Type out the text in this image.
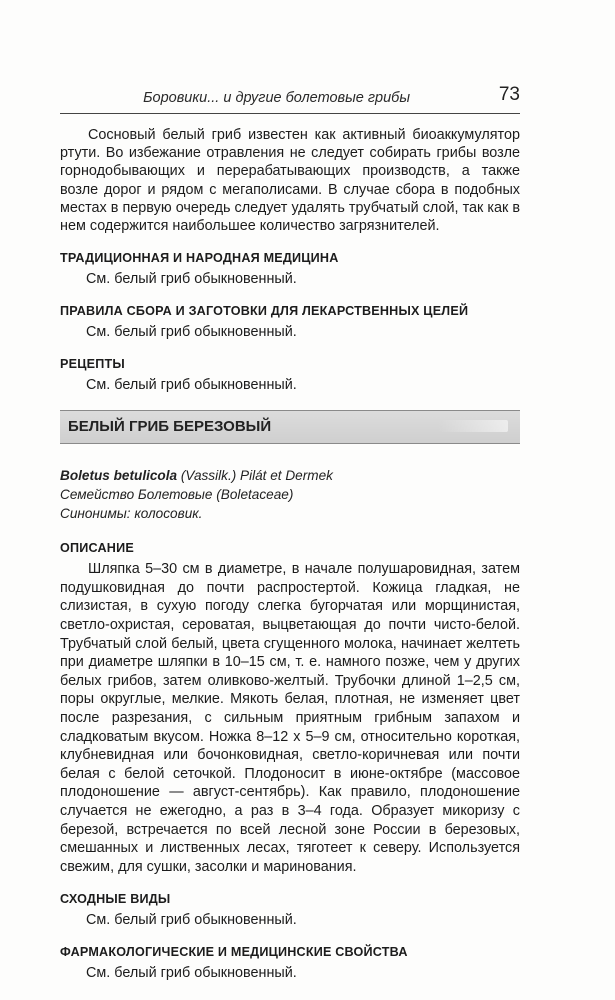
Боровики... и другие болетовые грибы	73

Сосновый белый гриб известен как активный биоаккумулятор ртути. Во избежание отравления не следует собирать грибы возле горнодобывающих и перерабатывающих производств, а также возле дорог и рядом с мегаполисами. В случае сбора в подобных местах в первую очередь следует удалять трубчатый слой, так как в нем содержится наибольшее количество загрязнителей.

ТРАДИЦИОННАЯ И НАРОДНАЯ МЕДИЦИНА
См. белый гриб обыкновенный.
ПРАВИЛА СБОРА И ЗАГОТОВКИ ДЛЯ ЛЕКАРСТВЕННЫХ ЦЕЛЕЙ
См. белый гриб обыкновенный.
РЕЦЕПТЫ
См. белый гриб обыкновенный.
БЕЛЫЙ ГРИБ БЕРЕЗОВЫЙ
Boletus betulicola (Vassilk.) Pilát et Dermek
Семейство Болетовые (Boletaceae)
Синонимы: колосовик.
ОПИСАНИЕ

Шляпка 5–30 см в диаметре, в начале полушаровидная, затем подушковидная до почти распростертой. Кожица гладкая, не слизистая, в сухую погоду слегка бугорчатая или морщинистая, светло-охристая, сероватая, выцветающая до почти чисто-белой. Трубчатый слой белый, цвета сгущенного молока, начинает желтеть при диаметре шляпки в 10–15 см, т. е. намного позже, чем у других белых грибов, затем оливково-желтый. Трубочки длиной 1–2,5 см, поры округлые, мелкие. Мякоть белая, плотная, не изменяет цвет после разрезания, с сильным приятным грибным запахом и сладковатым вкусом. Ножка 8–12 х 5–9 см, относительно короткая, клубневидная или бочонковидная, светло-коричневая или почти белая с белой сеточкой. Плодоносит в июне-октябре (массовое плодоношение — август-сентябрь). Как правило, плодоношение случается не ежегодно, а раз в 3–4 года. Образует микоризу с березой, встречается по всей лесной зоне России в березовых, смешанных и лиственных лесах, тяготеет к северу. Используется свежим, для сушки, засолки и маринования.

СХОДНЫЕ ВИДЫ
См. белый гриб обыкновенный.
ФАРМАКОЛОГИЧЕСКИЕ И МЕДИЦИНСКИЕ СВОЙСТВА
См. белый гриб обыкновенный.
